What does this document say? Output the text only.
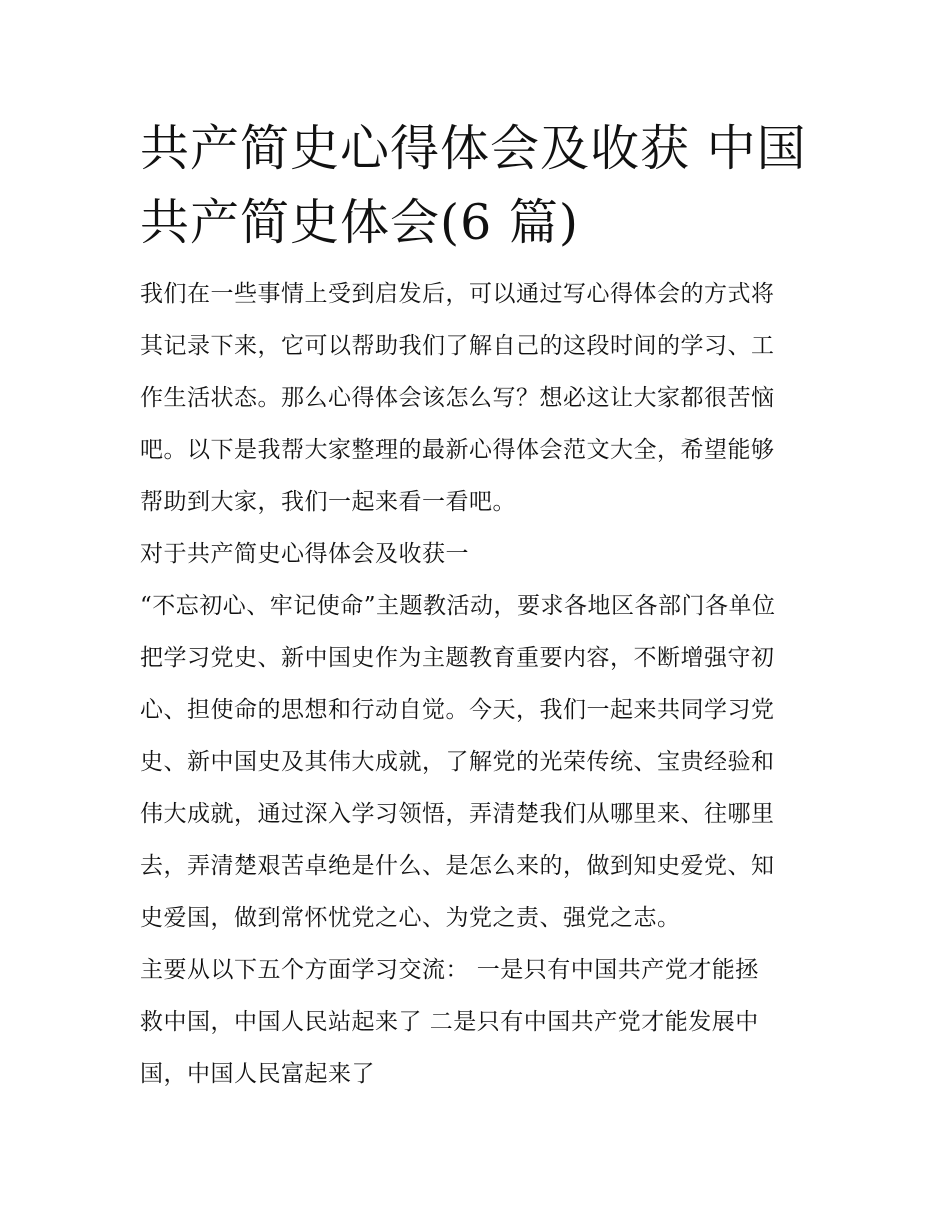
共产简史心得体会及收获 中国
共产简史体会(6 篇)

我们在一些事情上受到启发后，可以通过写心得体会的方式将
其记录下来，它可以帮助我们了解自己的这段时间的学习、工
作生活状态。那么心得体会该怎么写？想必这让大家都很苦恼
吧。以下是我帮大家整理的最新心得体会范文大全，希望能够
帮助到大家，我们一起来看一看吧。

对于共产简史心得体会及收获一

“不忘初心、牢记使命”主题教活动，要求各地区各部门各单位
把学习党史、新中国史作为主题教育重要内容，不断增强守初
心、担使命的思想和行动自觉。今天，我们一起来共同学习党
史、新中国史及其伟大成就，了解党的光荣传统、宝贵经验和
伟大成就，通过深入学习领悟，弄清楚我们从哪里来、往哪里
去，弄清楚艰苦卓绝是什么、是怎么来的，做到知史爱党、知
史爱国，做到常怀忧党之心、为党之责、强党之志。

主要从以下五个方面学习交流： 一是只有中国共产党才能拯
救中国，中国人民站起来了 二是只有中国共产党才能发展中
国，中国人民富起来了
